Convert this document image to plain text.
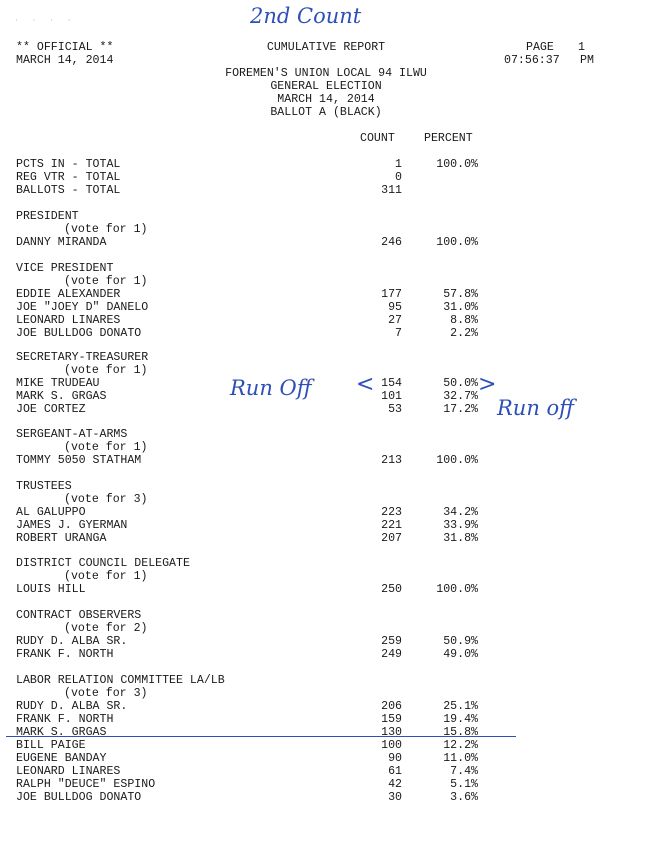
· · · ·	2nd Count
** OFFICIAL **
MARCH 14, 2014
CUMULATIVE REPORT	PAGE 1
07:56:37 PM
FOREMEN'S UNION LOCAL 94 ILWU
GENERAL ELECTION
MARCH 14, 2014
BALLOT A (BLACK)
COUNT	PERCENT
PCTS IN - TOTAL	1	100.0%
REG VTR - TOTAL	0
BALLOTS - TOTAL	311
PRESIDENT
(vote for 1)
DANNY MIRANDA	246	100.0%
VICE PRESIDENT
(vote for 1)
EDDIE ALEXANDER	177	57.8%
JOE "JOEY D" DANELO	95	31.0%
LEONARD LINARES	27	8.8%
JOE BULLDOG DONATO	7	2.2%
SECRETARY-TREASURER
(vote for 1)
MIKE TRUDEAU	154	50.0%
MARK S. GRGAS	101	32.7%
JOE CORTEZ	53	17.2%
Run Off <	>
Run off
SERGEANT-AT-ARMS
(vote for 1)
TOMMY 5050 STATHAM	213	100.0%
TRUSTEES
(vote for 3)
AL GALUPPO	223	34.2%
JAMES J. GYERMAN	221	33.9%
ROBERT URANGA	207	31.8%
DISTRICT COUNCIL DELEGATE
(vote for 1)
LOUIS HILL	250	100.0%
CONTRACT OBSERVERS
(vote for 2)
RUDY D. ALBA SR.	259	50.9%
FRANK F. NORTH	249	49.0%
LABOR RELATION COMMITTEE LA/LB
(vote for 3)
RUDY D. ALBA SR.	206	25.1%
FRANK F. NORTH	159	19.4%
MARK S. GRGAS	130	15.8%
BILL PAIGE	100	12.2%
EUGENE BANDAY	90	11.0%
LEONARD LINARES	61	7.4%
RALPH "DEUCE" ESPINO	42	5.1%
JOE BULLDOG DONATO	30	3.6%
